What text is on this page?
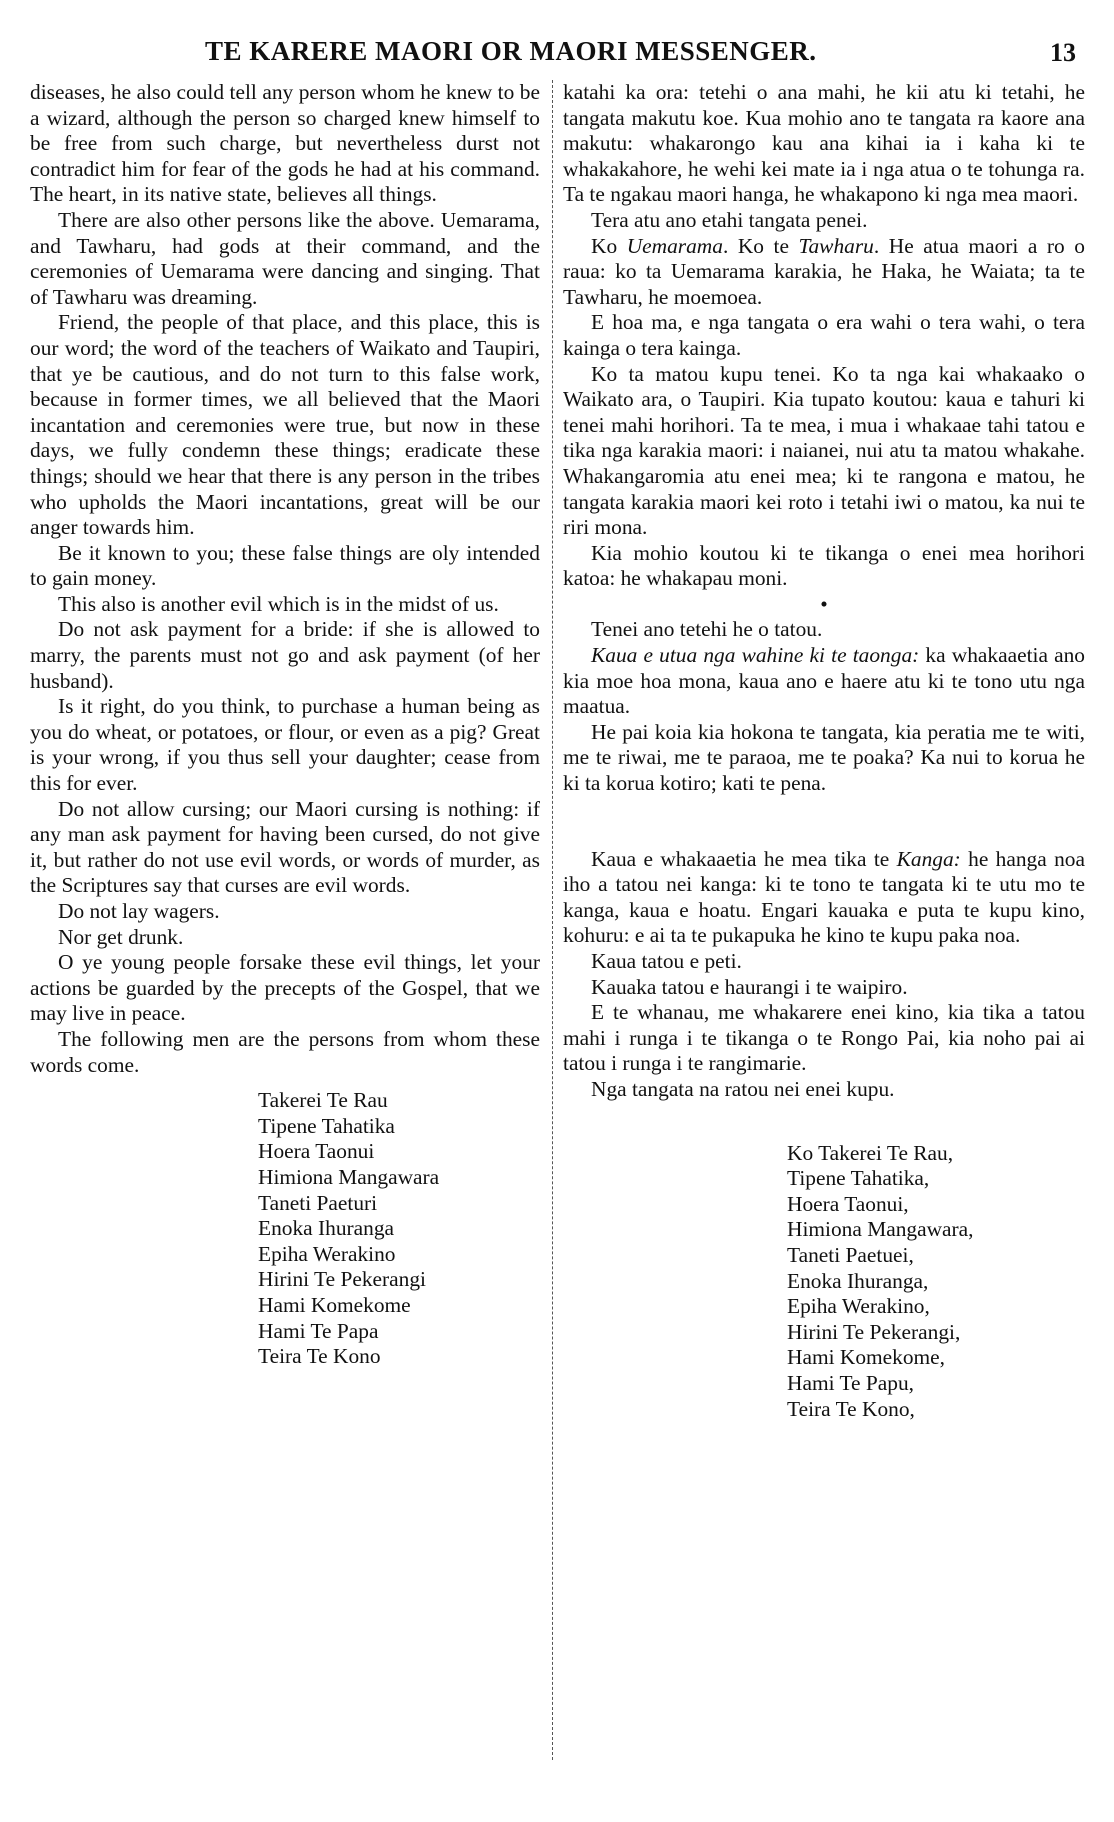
TE KARERE MAORI OR MAORI MESSENGER.	13

diseases, he also could tell any person whom he knew to be a wizard, although the person so charged knew himself to be free from such charge, but nevertheless durst not contradict him for fear of the gods he had at his command. The heart, in its native state, believes all things.

There are also other persons like the above. Uemarama, and Tawharu, had gods at their command, and the ceremonies of Uemarama were dancing and singing. That of Tawharu was dreaming.

Friend, the people of that place, and this place, this is our word; the word of the teachers of Waikato and Taupiri, that ye be cautious, and do not turn to this false work, because in former times, we all believed that the Maori incantation and ceremonies were true, but now in these days, we fully condemn these things; eradicate these things; should we hear that there is any person in the tribes who upholds the Maori incantations, great will be our anger towards him.

Be it known to you; these false things are oly intended to gain money.

This also is another evil which is in the midst of us.

Do not ask payment for a bride: if she is allowed to marry, the parents must not go and ask payment (of her husband).

Is it right, do you think, to purchase a human being as you do wheat, or potatoes, or flour, or even as a pig? Great is your wrong, if you thus sell your daughter; cease from this for ever.

Do not allow cursing; our Maori cursing is nothing: if any man ask payment for having been cursed, do not give it, but rather do not use evil words, or words of murder, as the Scriptures say that curses are evil words.

Do not lay wagers.

Nor get drunk.

O ye young people forsake these evil things, let your actions be guarded by the precepts of the Gospel, that we may live in peace.

The following men are the persons from whom these words come.

Takerei Te Rau
Tipene Tahatika
Hoera Taonui
Himiona Mangawara
Taneti Paeturi
Enoka Ihuranga
Epiha Werakino
Hirini Te Pekerangi
Hami Komekome
Hami Te Papa
Teira Te Kono

katahi ka ora: tetehi o ana mahi, he kii atu ki tetahi, he tangata makutu koe. Kua mohio ano te tangata ra kaore ana makutu: whakarongo kau ana kihai ia i kaha ki te whakakahore, he wehi kei mate ia i nga atua o te tohunga ra. Ta te ngakau maori hanga, he whakapono ki nga mea maori.

Tera atu ano etahi tangata penei.

Ko Uemarama. Ko te Tawharu. He atua maori a ro o raua: ko ta Uemarama karakia, he Haka, he Waiata; ta te Tawharu, he moemoea.

E hoa ma, e nga tangata o era wahi o tera wahi, o tera kainga o tera kainga.

Ko ta matou kupu tenei. Ko ta nga kai whakaako o Waikato ara, o Taupiri. Kia tupato koutou: kaua e tahuri ki tenei mahi horihori. Ta te mea, i mua i whakaae tahi tatou e tika nga karakia maori: i naianei, nui atu ta matou whakahe. Whakangaromia atu enei mea; ki te rangona e matou, he tangata karakia maori kei roto i tetahi iwi o matou, ka nui te riri mona.

Kia mohio koutou ki te tikanga o enei mea horihori katoa: he whakapau moni.

•

Tenei ano tetehi he o tatou.

Kaua e utua nga wahine ki te taonga: ka whakaaetia ano kia moe hoa mona, kaua ano e haere atu ki te tono utu nga maatua.

He pai koia kia hokona te tangata, kia peratia me te witi, me te riwai, me te paraoa, me te poaka? Ka nui to korua he ki ta korua kotiro; kati te pena.

Kaua e whakaaetia he mea tika te Kanga: he hanga noa iho a tatou nei kanga: ki te tono te tangata ki te utu mo te kanga, kaua e hoatu. Engari kauaka e puta te kupu kino, kohuru: e ai ta te pukapuka he kino te kupu paka noa.

Kaua tatou e peti.

Kauaka tatou e haurangi i te waipiro.

E te whanau, me whakarere enei kino, kia tika a tatou mahi i runga i te tikanga o te Rongo Pai, kia noho pai ai tatou i runga i te rangimarie.

Nga tangata na ratou nei enei kupu.

Ko Takerei Te Rau,
Tipene Tahatika,
Hoera Taonui,
Himiona Mangawara,
Taneti Paetuei,
Enoka Ihuranga,
Epiha Werakino,
Hirini Te Pekerangi,
Hami Komekome,
Hami Te Papu,
Teira Te Kono,
